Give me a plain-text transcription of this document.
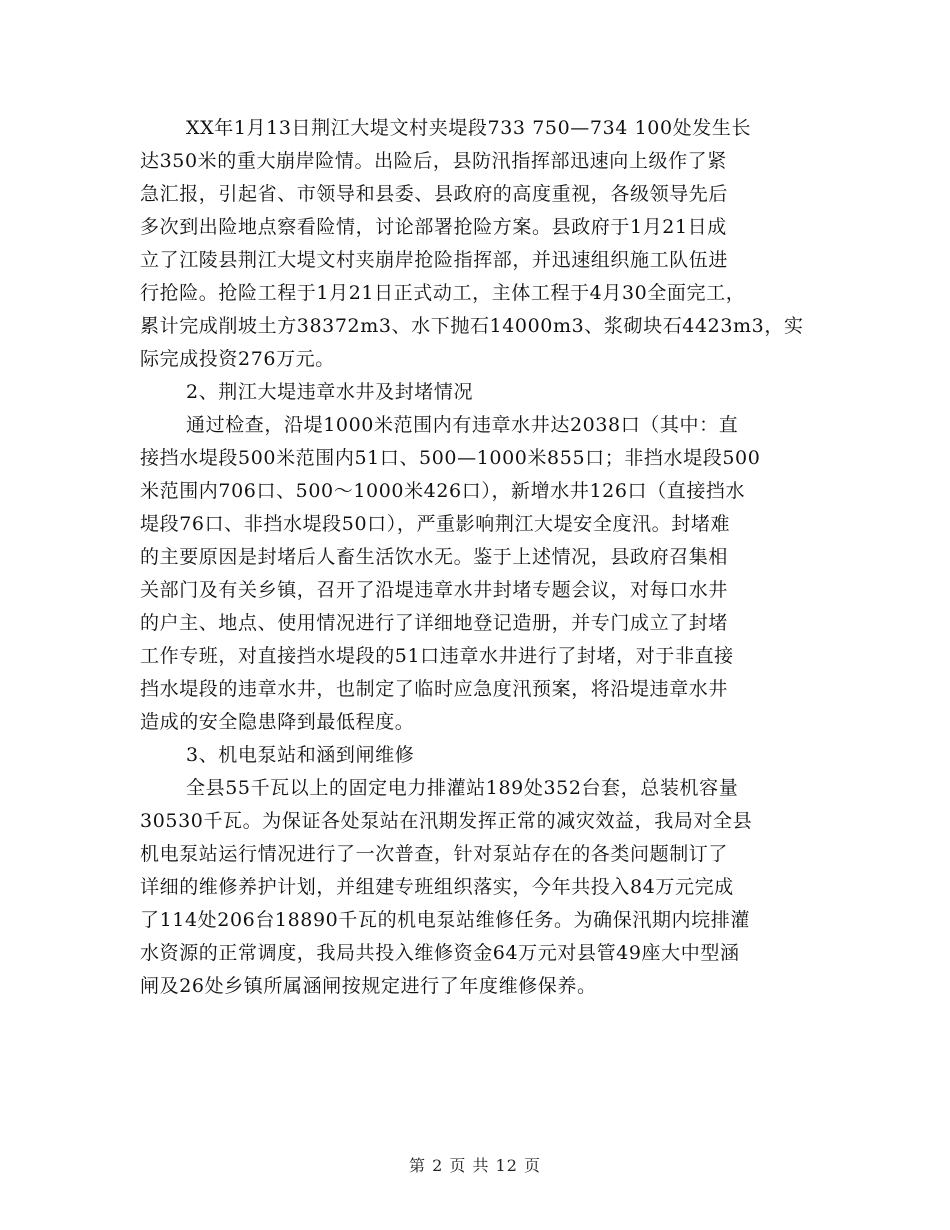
XX年1月13日荆江大堤文村夹堤段733 750—734 100处发生长
达350米的重大崩岸险情。出险后，县防汛指挥部迅速向上级作了紧
急汇报，引起省、市领导和县委、县政府的高度重视，各级领导先后
多次到出险地点察看险情，讨论部署抢险方案。县政府于1月21日成
立了江陵县荆江大堤文村夹崩岸抢险指挥部，并迅速组织施工队伍进
行抢险。抢险工程于1月21日正式动工，主体工程于4月30全面完工，
累计完成削坡土方38372m3、水下抛石14000m3、浆砌块石4423m3，实
际完成投资276万元。
2、荆江大堤违章水井及封堵情况
通过检查，沿堤1000米范围内有违章水井达2038口（其中：直
接挡水堤段500米范围内51口、500—1000米855口；非挡水堤段500
米范围内706口、500～1000米426口），新增水井126口（直接挡水
堤段76口、非挡水堤段50口），严重影响荆江大堤安全度汛。封堵难
的主要原因是封堵后人畜生活饮水无。鉴于上述情况，县政府召集相
关部门及有关乡镇，召开了沿堤违章水井封堵专题会议，对每口水井
的户主、地点、使用情况进行了详细地登记造册，并专门成立了封堵
工作专班，对直接挡水堤段的51口违章水井进行了封堵，对于非直接
挡水堤段的违章水井，也制定了临时应急度汛预案，将沿堤违章水井
造成的安全隐患降到最低程度。
3、机电泵站和涵到闸维修
全县55千瓦以上的固定电力排灌站189处352台套，总装机容量
30530千瓦。为保证各处泵站在汛期发挥正常的减灾效益，我局对全县
机电泵站运行情况进行了一次普查，针对泵站存在的各类问题制订了
详细的维修养护计划，并组建专班组织落实，今年共投入84万元完成
了114处206台18890千瓦的机电泵站维修任务。为确保汛期内垸排灌
水资源的正常调度，我局共投入维修资金64万元对县管49座大中型涵
闸及26处乡镇所属涵闸按规定进行了年度维修保养。
第 2 页 共 12 页
